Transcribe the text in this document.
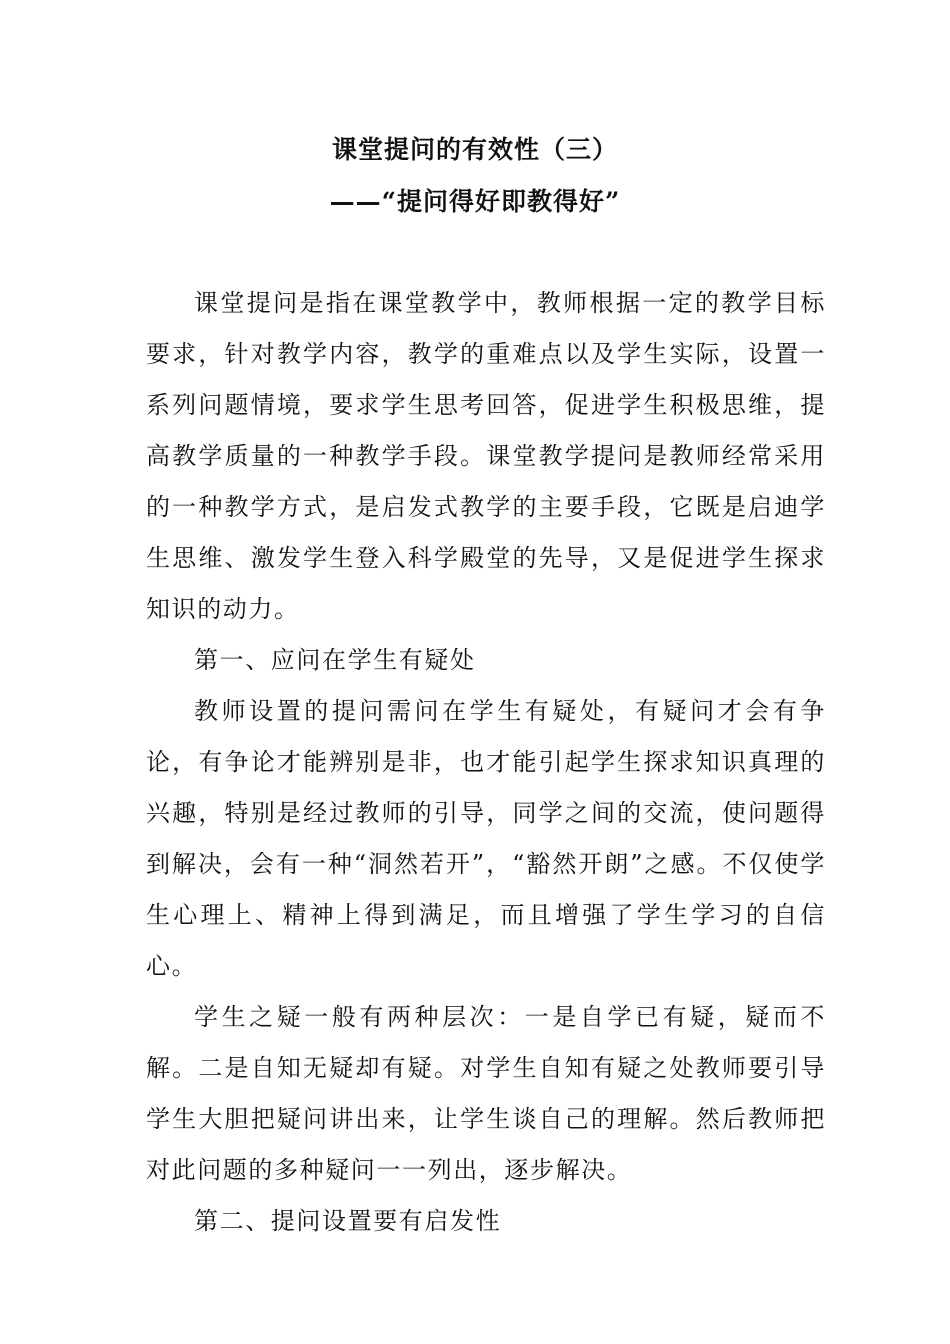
课堂提问的有效性（三）
——“提问得好即教得好”

课堂提问是指在课堂教学中，教师根据一定的教学目标要求，针对教学内容，教学的重难点以及学生实际，设置一系列问题情境，要求学生思考回答，促进学生积极思维，提高教学质量的一种教学手段。课堂教学提问是教师经常采用的一种教学方式，是启发式教学的主要手段，它既是启迪学生思维、激发学生登入科学殿堂的先导，又是促进学生探求知识的动力。

第一、应问在学生有疑处

教师设置的提问需问在学生有疑处，有疑问才会有争论，有争论才能辨别是非，也才能引起学生探求知识真理的兴趣，特别是经过教师的引导，同学之间的交流，使问题得到解决，会有一种“洞然若开”，“豁然开朗”之感。不仅使学生心理上、精神上得到满足，而且增强了学生学习的自信心。

学生之疑一般有两种层次：一是自学已有疑，疑而不解。二是自知无疑却有疑。对学生自知有疑之处教师要引导学生大胆把疑问讲出来，让学生谈自己的理解。然后教师把对此问题的多种疑问一一列出，逐步解决。

第二、提问设置要有启发性
